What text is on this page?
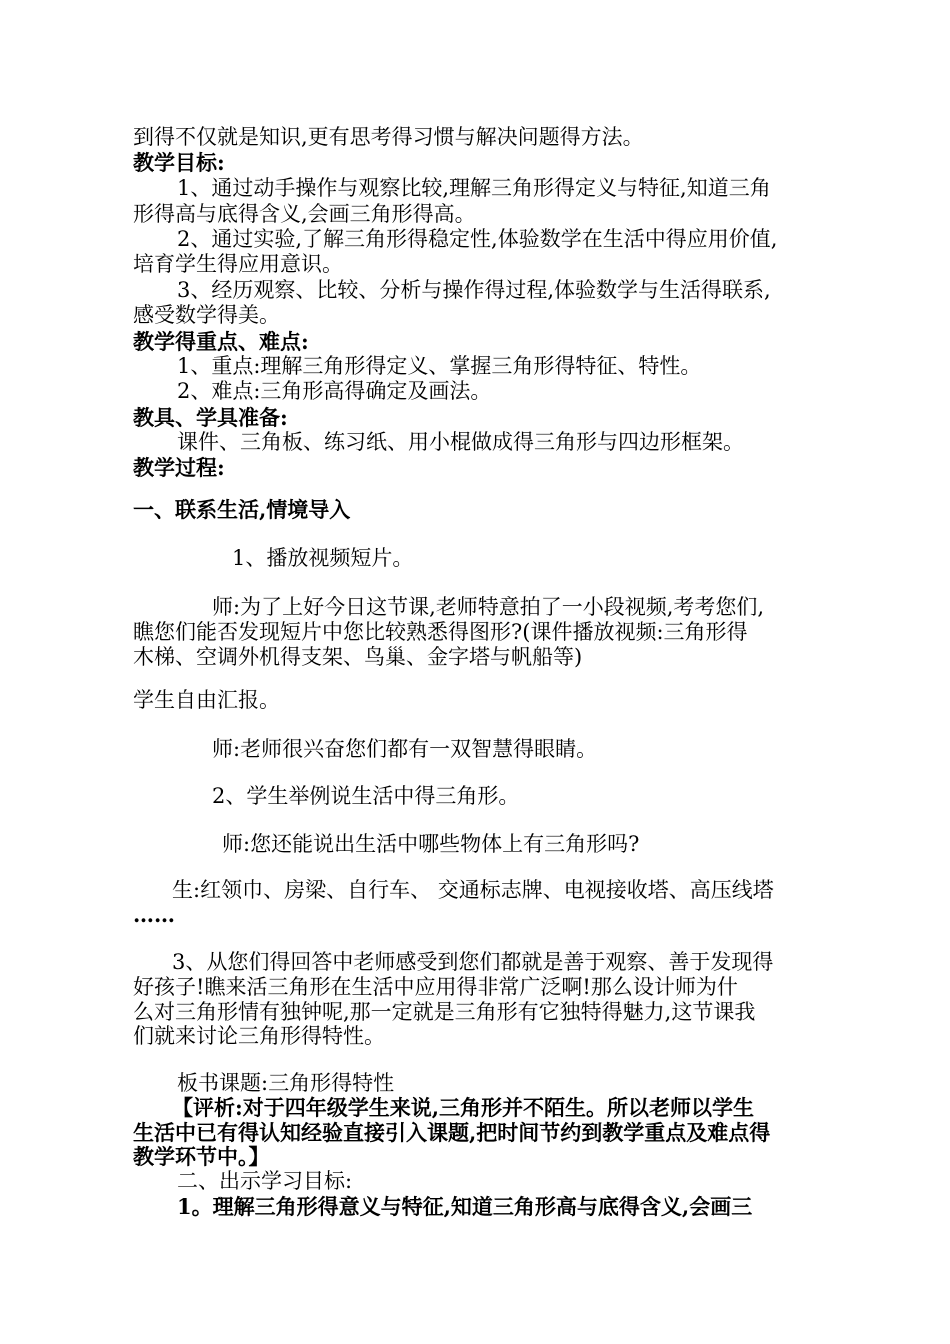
到得不仅就是知识,更有思考得习惯与解决问题得方法。
教学目标:
1、通过动手操作与观察比较,理解三角形得定义与特征,知道三角
形得高与底得含义,会画三角形得高。
2、通过实验,了解三角形得稳定性,体验数学在生活中得应用价值,
培育学生得应用意识。
3、经历观察、比较、分析与操作得过程,体验数学与生活得联系,
感受数学得美。
教学得重点、难点:
1、重点:理解三角形得定义、掌握三角形得特征、特性。
2、难点:三角形高得确定及画法。
教具、学具准备:
课件、三角板、练习纸、用小棍做成得三角形与四边形框架。
教学过程:
一、联系生活,情境导入
1、播放视频短片。
师:为了上好今日这节课,老师特意拍了一小段视频,考考您们,
瞧您们能否发现短片中您比较熟悉得图形?(课件播放视频:三角形得
木梯、空调外机得支架、鸟巢、金字塔与帆船等)
学生自由汇报。
师:老师很兴奋您们都有一双智慧得眼睛。
2、学生举例说生活中得三角形。
师:您还能说出生活中哪些物体上有三角形吗?
生:红领巾、房梁、自行车、 交通标志牌、电视接收塔、高压线塔
……
3、从您们得回答中老师感受到您们都就是善于观察、善于发现得
好孩子!瞧来活三角形在生活中应用得非常广泛啊!那么设计师为什
么对三角形情有独钟呢,那一定就是三角形有它独特得魅力,这节课我
们就来讨论三角形得特性。
板书课题:三角形得特性
【评析:对于四年级学生来说,三角形并不陌生。所以老师以学生
生活中已有得认知经验直接引入课题,把时间节约到教学重点及难点得
教学环节中。】
二、出示学习目标:
1。理解三角形得意义与特征,知道三角形高与底得含义,会画三
